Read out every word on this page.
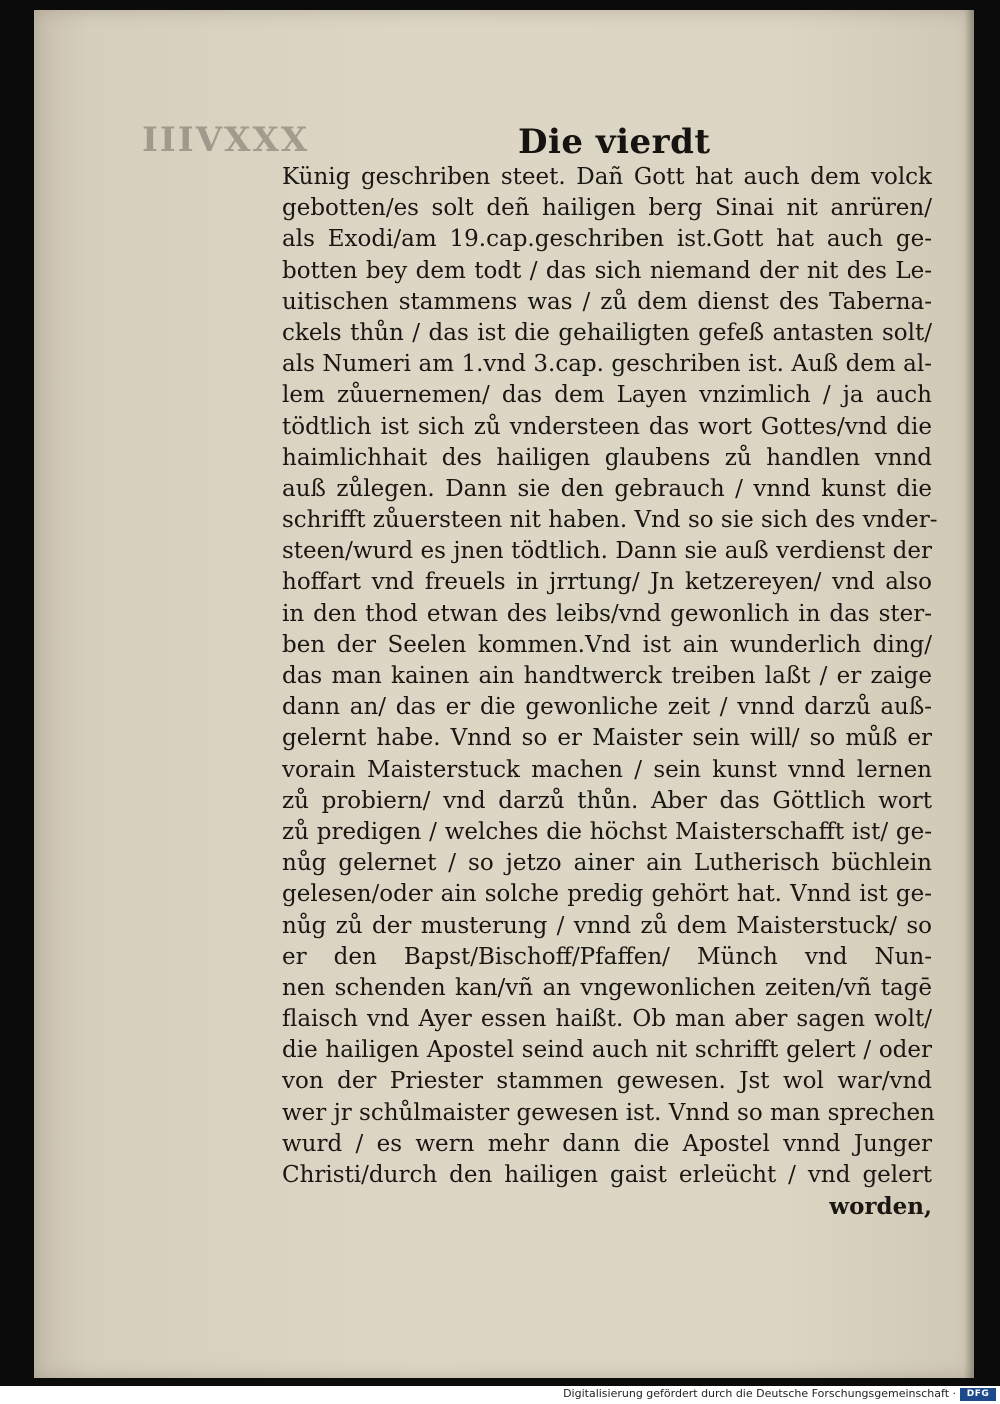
IIIVXXX	Die vierdt
Künig geschriben steet. Dañ Gott hat auch dem volck
gebotten/es solt deñ hailigen berg Sinai nit anrüren/
als Exodi/am 19.cap.geschriben ist.Gott hat auch ge‑
botten bey dem todt / das sich niemand der nit des Le‑
uitischen stammens was / zů dem dienst des Taberna‑
ckels thůn / das ist die gehailigten gefeß antasten solt/
als Numeri am 1.vnd 3.cap. geschriben ist. Auß dem al‑
lem zůuernemen/ das dem Layen vnzimlich / ja auch
tödtlich ist sich zů vndersteen das wort Gottes/vnd die
haimlichhait des hailigen glaubens zů handlen vnnd
auß zůlegen. Dann sie den gebrauch / vnnd kunst die
schrifft zůuersteen nit haben. Vnd so sie sich des vnder‑
steen/wurd es jnen tödtlich. Dann sie auß verdienst der
hoffart vnd freuels in jrrtung/ Jn ketzereyen/ vnd also
in den thod etwan des leibs/vnd gewonlich in das ster‑
ben der Seelen kommen.Vnd ist ain wunderlich ding/
das man kainen ain handtwerck treiben laßt / er zaige
dann an/ das er die gewonliche zeit / vnnd darzů auß‑
gelernt habe. Vnnd so er Maister sein will/ so můß er
vorain Maisterstuck machen / sein kunst vnnd lernen
zů probiern/ vnd darzů thůn. Aber das Göttlich wort
zů predigen / welches die höchst Maisterschafft ist/ ge‑
nůg gelernet / so jetzo ainer ain Lutherisch büchlein
gelesen/oder ain solche predig gehört hat. Vnnd ist ge‑
nůg zů der musterung / vnnd zů dem Maisterstuck/ so
er den Bapst/Bischoff/Pfaffen/ Münch vnd Nun‑
nen schenden kan/vñ an vngewonlichen zeiten/vñ tagē
flaisch vnd Ayer essen haißt. Ob man aber sagen wolt/
die hailigen Apostel seind auch nit schrifft gelert / oder
von der Priester stammen gewesen. Jst wol war/vnd
wer jr schůlmaister gewesen ist. Vnnd so man sprechen
wurd / es wern mehr dann die Apostel vnnd Junger
Christi/durch den hailigen gaist erleücht / vnd gelert
worden,
Digitalisierung gefördert durch die Deutsche Forschungsgemeinschaft ·	DFG
